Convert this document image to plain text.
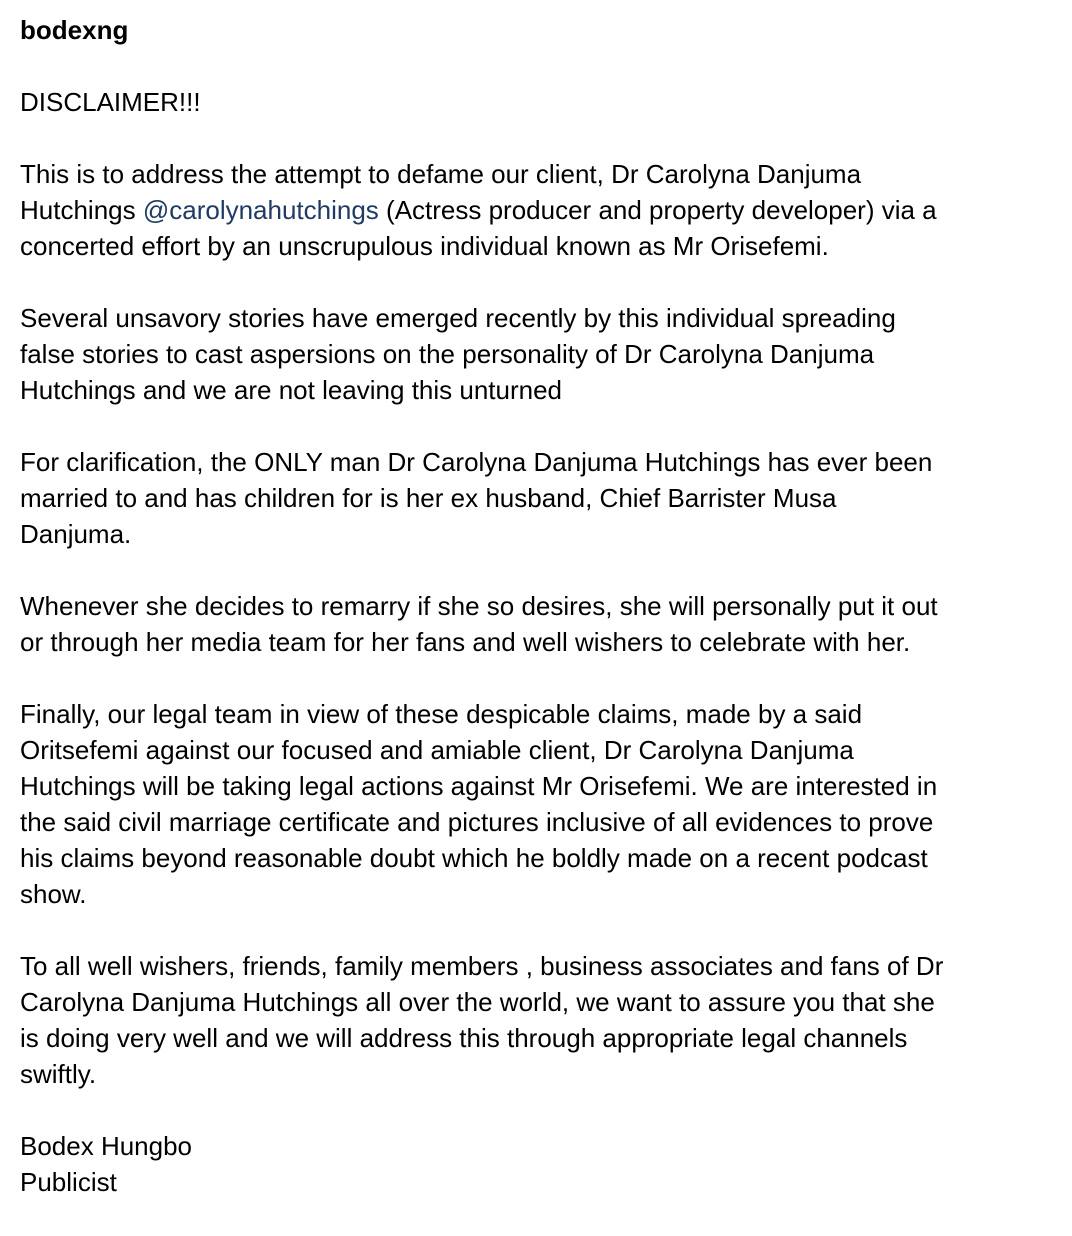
bodexng

DISCLAIMER!!!

This is to address the attempt to defame our client, Dr Carolyna Danjuma
Hutchings @carolynahutchings (Actress producer and property developer) via a
concerted effort by an unscrupulous individual known as Mr Orisefemi.

Several unsavory stories have emerged recently by this individual spreading
false stories to cast aspersions on the personality of Dr Carolyna Danjuma
Hutchings and we are not leaving this unturned

For clarification, the ONLY man Dr Carolyna Danjuma Hutchings has ever been
married to and has children for is her ex husband, Chief Barrister Musa
Danjuma.

Whenever she decides to remarry if she so desires, she will personally put it out
or through her media team for her fans and well wishers to celebrate with her.

Finally, our legal team in view of these despicable claims, made by a said
Oritsefemi against our focused and amiable client, Dr Carolyna Danjuma
Hutchings will be taking legal actions against Mr Orisefemi. We are interested in
the said civil marriage certificate and pictures inclusive of all evidences to prove
his claims beyond reasonable doubt which he boldly made on a recent podcast
show.

To all well wishers, friends, family members , business associates and fans of Dr
Carolyna Danjuma Hutchings all over the world, we want to assure you that she
is doing very well and we will address this through appropriate legal channels
swiftly.

Bodex Hungbo
Publicist
